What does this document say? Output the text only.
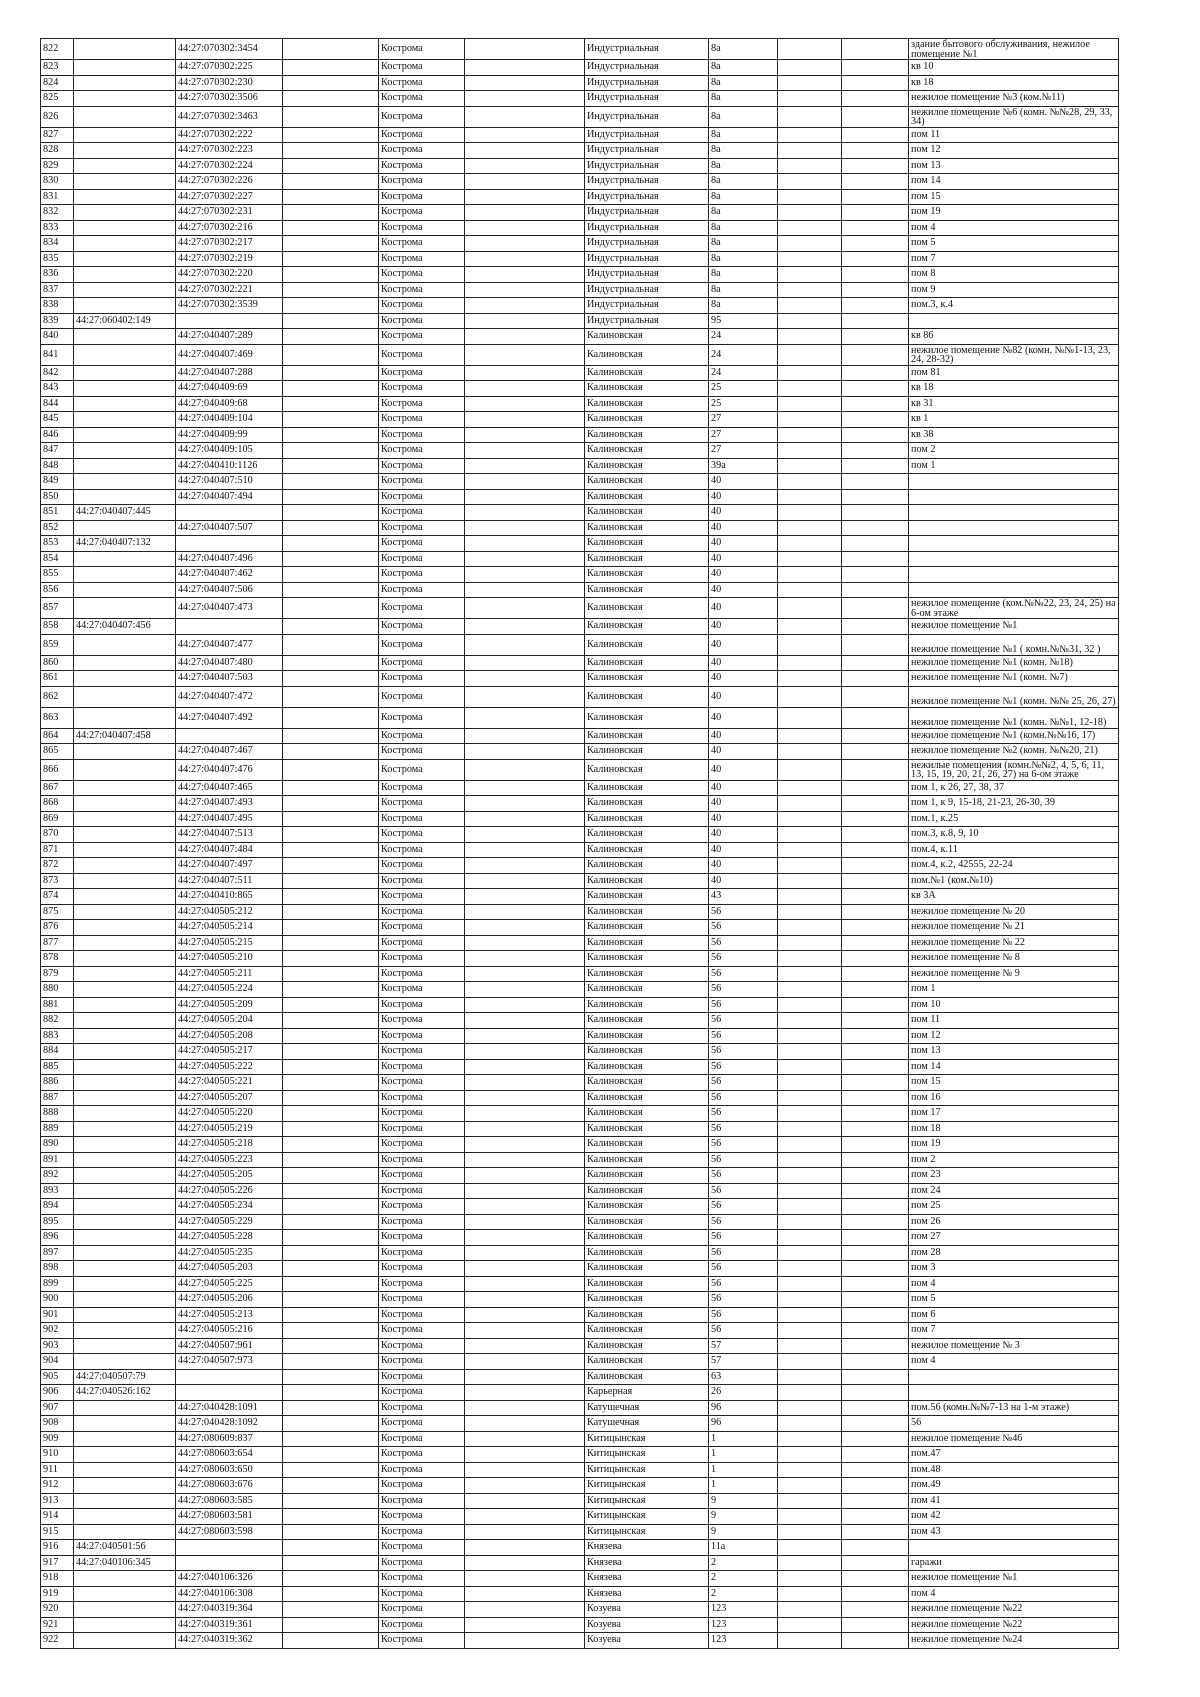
822		44:27:070302:3454		Кострома		Индустриальная	8а			здание бытового обслуживания, нежилое помещение №1
823		44:27:070302:225		Кострома		Индустриальная	8а			кв 10
824		44:27:070302:230		Кострома		Индустриальная	8а			кв 18
825		44:27:070302:3506		Кострома		Индустриальная	8а			нежилое помещение №3 (ком.№11)
826		44:27:070302:3463		Кострома		Индустриальная	8а			нежилое помещение №6 (комн. №№28, 29, 33, 34)
827		44:27:070302:222		Кострома		Индустриальная	8а			пом 11
828		44:27:070302:223		Кострома		Индустриальная	8а			пом 12
829		44:27:070302:224		Кострома		Индустриальная	8а			пом 13
830		44:27:070302:226		Кострома		Индустриальная	8а			пом 14
831		44:27:070302:227		Кострома		Индустриальная	8а			пом 15
832		44:27:070302:231		Кострома		Индустриальная	8а			пом 19
833		44:27:070302:216		Кострома		Индустриальная	8а			пом 4
834		44:27:070302:217		Кострома		Индустриальная	8а			пом 5
835		44:27:070302:219		Кострома		Индустриальная	8а			пом 7
836		44:27:070302:220		Кострома		Индустриальная	8а			пом 8
837		44:27:070302:221		Кострома		Индустриальная	8а			пом 9
838		44:27:070302:3539		Кострома		Индустриальная	8а			пом.3, к.4
839	44:27:060402:149			Кострома		Индустриальная	95			
840		44:27:040407:289		Кострома		Калиновская	24			кв 86
841		44:27:040407:469		Кострома		Калиновская	24			нежилое помещение №82 (комн. №№1-13, 23, 24, 28-32)
842		44:27:040407:288		Кострома		Калиновская	24			пом 81
843		44:27:040409:69		Кострома		Калиновская	25			кв 18
844		44:27:040409:68		Кострома		Калиновская	25			кв 31
845		44:27:040409:104		Кострома		Калиновская	27			кв 1
846		44:27:040409:99		Кострома		Калиновская	27			кв 38
847		44:27:040409:105		Кострома		Калиновская	27			пом 2
848		44:27:040410:1126		Кострома		Калиновская	39а			пом 1
849		44:27:040407:510		Кострома		Калиновская	40			
850		44:27:040407:494		Кострома		Калиновская	40			
851	44:27:040407:445			Кострома		Калиновская	40			
852		44:27:040407:507		Кострома		Калиновская	40			
853	44:27:040407:132			Кострома		Калиновская	40			
854		44:27:040407:496		Кострома		Калиновская	40			
855		44:27:040407:462		Кострома		Калиновская	40			
856		44:27:040407:506		Кострома		Калиновская	40			
857		44:27:040407:473		Кострома		Калиновская	40			нежилое помещение (ком.№№22, 23, 24, 25) на 6-ом этаже
858	44:27:040407:456			Кострома		Калиновская	40			нежилое помещение №1
859		44:27:040407:477		Кострома		Калиновская	40			нежилое помещение №1 ( комн.№№31, 32 )
860		44:27:040407:480		Кострома		Калиновская	40			нежилое помещение №1 (комн. №18)
861		44:27:040407:503		Кострома		Калиновская	40			нежилое помещение №1 (комн. №7)
862		44:27:040407:472		Кострома		Калиновская	40			нежилое помещение №1 (комн. №№ 25, 26, 27)
863		44:27:040407:492		Кострома		Калиновская	40			нежилое помещение №1 (комн. №№1, 12-18)
864	44:27:040407:458			Кострома		Калиновская	40			нежилое помещение №1 (комн.№№16, 17)
865		44:27:040407:467		Кострома		Калиновская	40			нежилое помещение №2 (комн. №№20, 21)
866		44:27:040407:476		Кострома		Калиновская	40			нежилые помещения (комн.№№2, 4, 5, 6, 11, 13, 15, 19, 20, 21, 26, 27) на 6-ом этаже
867		44:27:040407:465		Кострома		Калиновская	40			пом 1, к 26, 27, 38, 37
868		44:27:040407:493		Кострома		Калиновская	40			пом 1, к 9, 15-18, 21-23, 26-30, 39
869		44:27:040407:495		Кострома		Калиновская	40			пом.1, к.25
870		44:27:040407:513		Кострома		Калиновская	40			пом.3, к.8, 9, 10
871		44:27:040407:484		Кострома		Калиновская	40			пом.4, к.11
872		44:27:040407:497		Кострома		Калиновская	40			пом.4, к.2, 42555, 22-24
873		44:27:040407:511		Кострома		Калиновская	40			пом.№1 (ком.№10)
874		44:27:040410:865		Кострома		Калиновская	43			кв 3А
875		44:27:040505:212		Кострома		Калиновская	56			нежилое помещение № 20
876		44:27:040505:214		Кострома		Калиновская	56			нежилое помещение № 21
877		44:27:040505:215		Кострома		Калиновская	56			нежилое помещение № 22
878		44:27:040505:210		Кострома		Калиновская	56			нежилое помещение № 8
879		44:27:040505:211		Кострома		Калиновская	56			нежилое помещение № 9
880		44:27:040505:224		Кострома		Калиновская	56			пом 1
881		44:27:040505:209		Кострома		Калиновская	56			пом 10
882		44:27:040505:204		Кострома		Калиновская	56			пом 11
883		44:27:040505:208		Кострома		Калиновская	56			пом 12
884		44:27:040505:217		Кострома		Калиновская	56			пом 13
885		44:27:040505:222		Кострома		Калиновская	56			пом 14
886		44:27:040505:221		Кострома		Калиновская	56			пом 15
887		44:27:040505:207		Кострома		Калиновская	56			пом 16
888		44:27:040505:220		Кострома		Калиновская	56			пом 17
889		44:27:040505:219		Кострома		Калиновская	56			пом 18
890		44:27:040505:218		Кострома		Калиновская	56			пом 19
891		44:27:040505:223		Кострома		Калиновская	56			пом 2
892		44:27:040505:205		Кострома		Калиновская	56			пом 23
893		44:27:040505:226		Кострома		Калиновская	56			пом 24
894		44:27:040505:234		Кострома		Калиновская	56			пом 25
895		44:27:040505:229		Кострома		Калиновская	56			пом 26
896		44:27:040505:228		Кострома		Калиновская	56			пом 27
897		44:27:040505:235		Кострома		Калиновская	56			пом 28
898		44:27:040505:203		Кострома		Калиновская	56			пом 3
899		44:27:040505:225		Кострома		Калиновская	56			пом 4
900		44:27:040505:206		Кострома		Калиновская	56			пом 5
901		44:27:040505:213		Кострома		Калиновская	56			пом 6
902		44:27:040505:216		Кострома		Калиновская	56			пом 7
903		44:27:040507:961		Кострома		Калиновская	57			нежилое помещение № 3
904		44:27:040507:973		Кострома		Калиновская	57			пом 4
905	44:27:040507:79			Кострома		Калиновская	63			
906	44:27:040526:162			Кострома		Карьерная	26			
907		44:27:040428:1091		Кострома		Катушечная	96			пом.56 (комн.№№7-13 на 1-м этаже)
908		44:27:040428:1092		Кострома		Катушечная	96			56
909		44:27:080609:837		Кострома		Китицынская	1			нежилое помещение №46
910		44:27:080603:654		Кострома		Китицынская	1			пом.47
911		44:27:080603:650		Кострома		Китицынская	1			пом.48
912		44:27:080603:676		Кострома		Китицынская	1			пом.49
913		44:27:080603:585		Кострома		Китицынская	9			пом 41
914		44:27:080603:581		Кострома		Китицынская	9			пом 42
915		44:27:080603:598		Кострома		Китицынская	9			пом 43
916	44:27:040501:56			Кострома		Князева	11а			
917	44:27:040106:345			Кострома		Князева	2			гаражи
918		44:27:040106:326		Кострома		Князева	2			нежилое помещение №1
919		44:27:040106:308		Кострома		Князева	2			пом 4
920		44:27:040319:364		Кострома		Козуева	123			нежилое помещение №22
921		44:27:040319:361		Кострома		Козуева	123			нежилое помещение №22
922		44:27:040319:362		Кострома		Козуева	123			нежилое помещение №24
